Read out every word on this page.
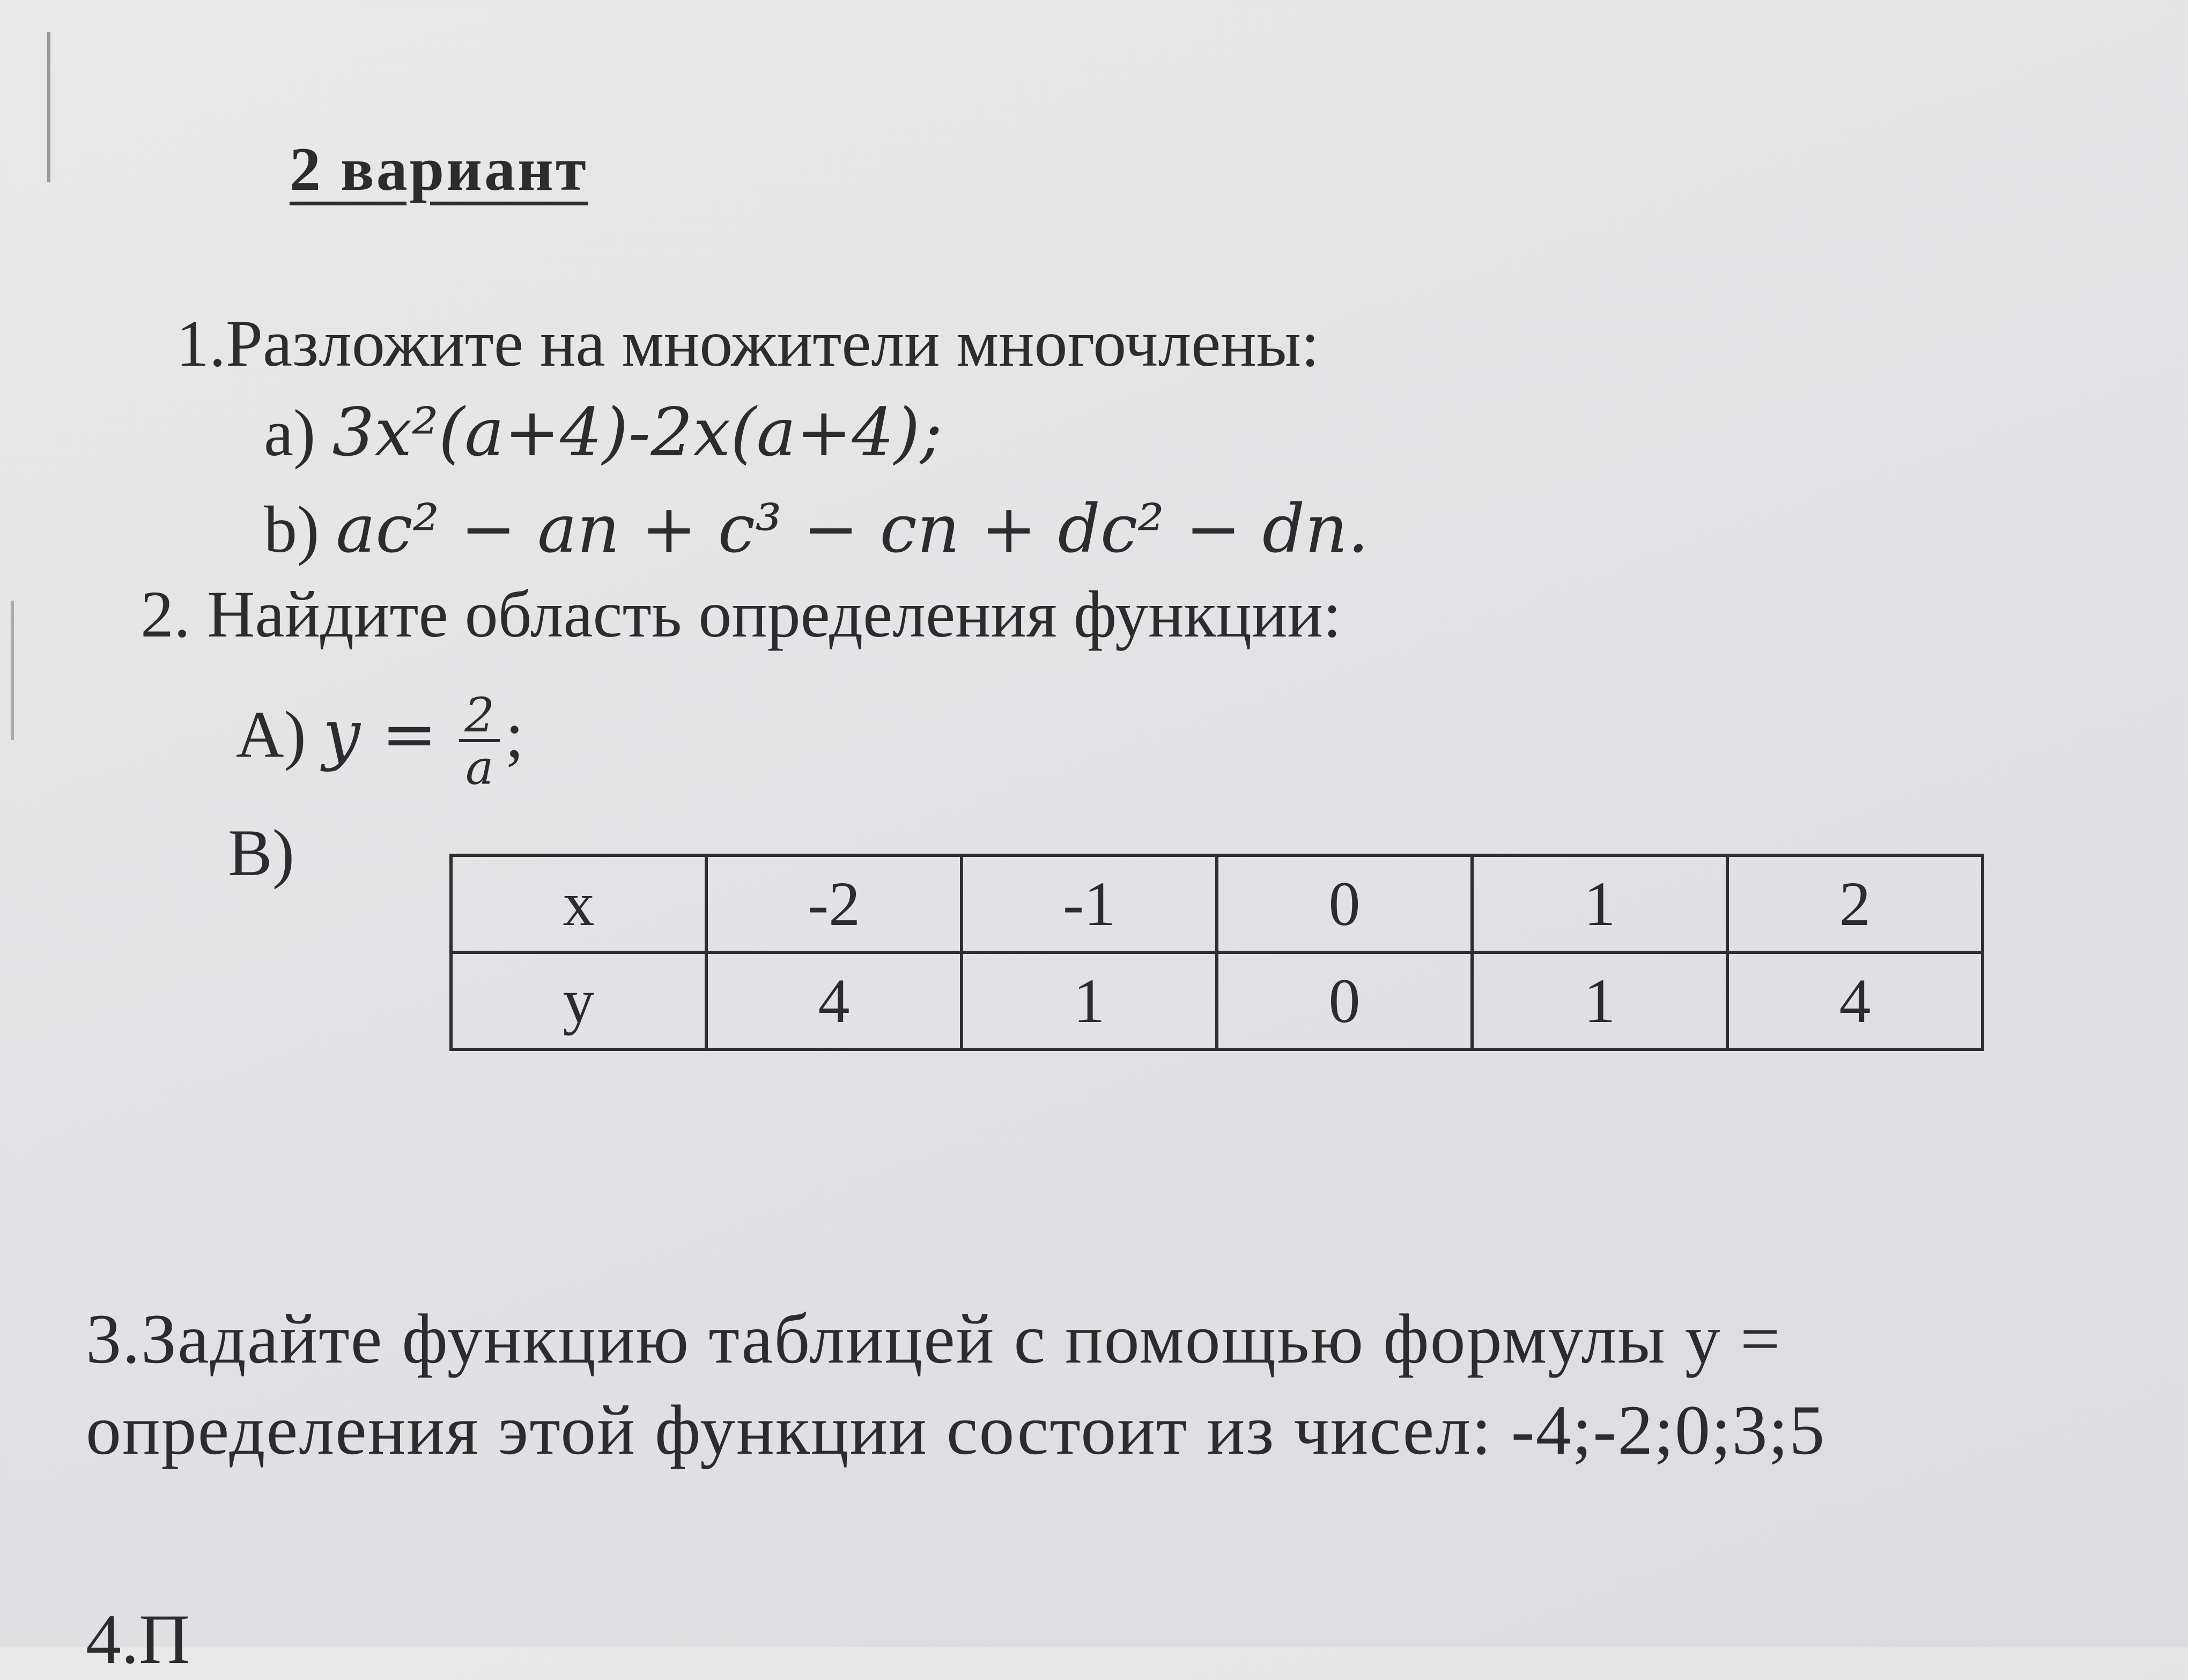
2 вариант
1.Разложите на множители многочлены:
a) 3x²(a+4)-2x(a+4);
b) ac² − an + c³ − cn + dc² − dn.
2. Найдите область определения функции:
A) $y = \frac{2}{a}$ ;
B)
x	-2	-1	0	1	2
y	4	1	0	1	4
3.Задайте функцию таблицей с помощью формулы y =
определения этой функции состоит из чисел: -4;-2;0;3;5
4.П
